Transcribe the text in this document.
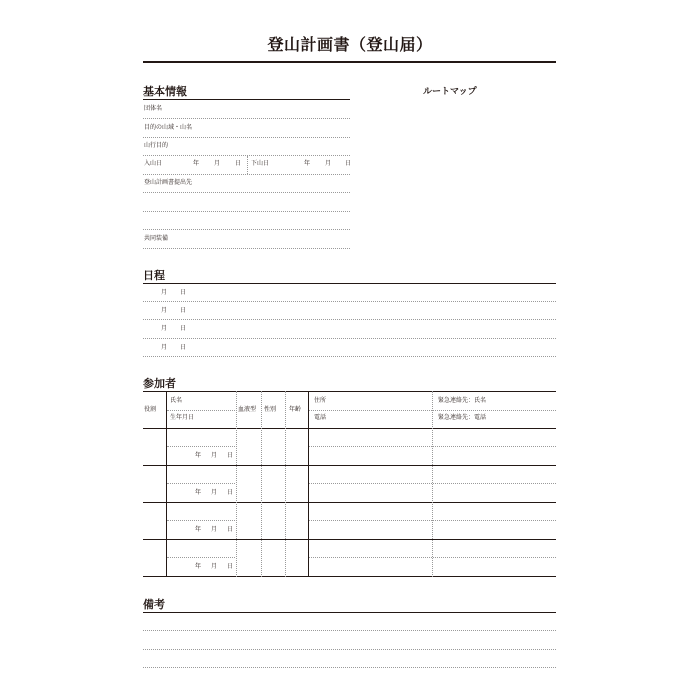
登山計画書（登山届）
基本情報
団体名
目的の山域・山名
山行目的
入山日	年 月 日 下山日	年 月 日
登山計画書提出先
共同装備
ルートマップ
日程
月 日
月 日
月 日
月 日
参加者
役割
氏名
生年月日
血液型 性別 年齢
住所
電話
緊急連絡先：氏名
緊急連絡先：電話
年 月 日
年 月 日
年 月 日
年 月 日
備考
